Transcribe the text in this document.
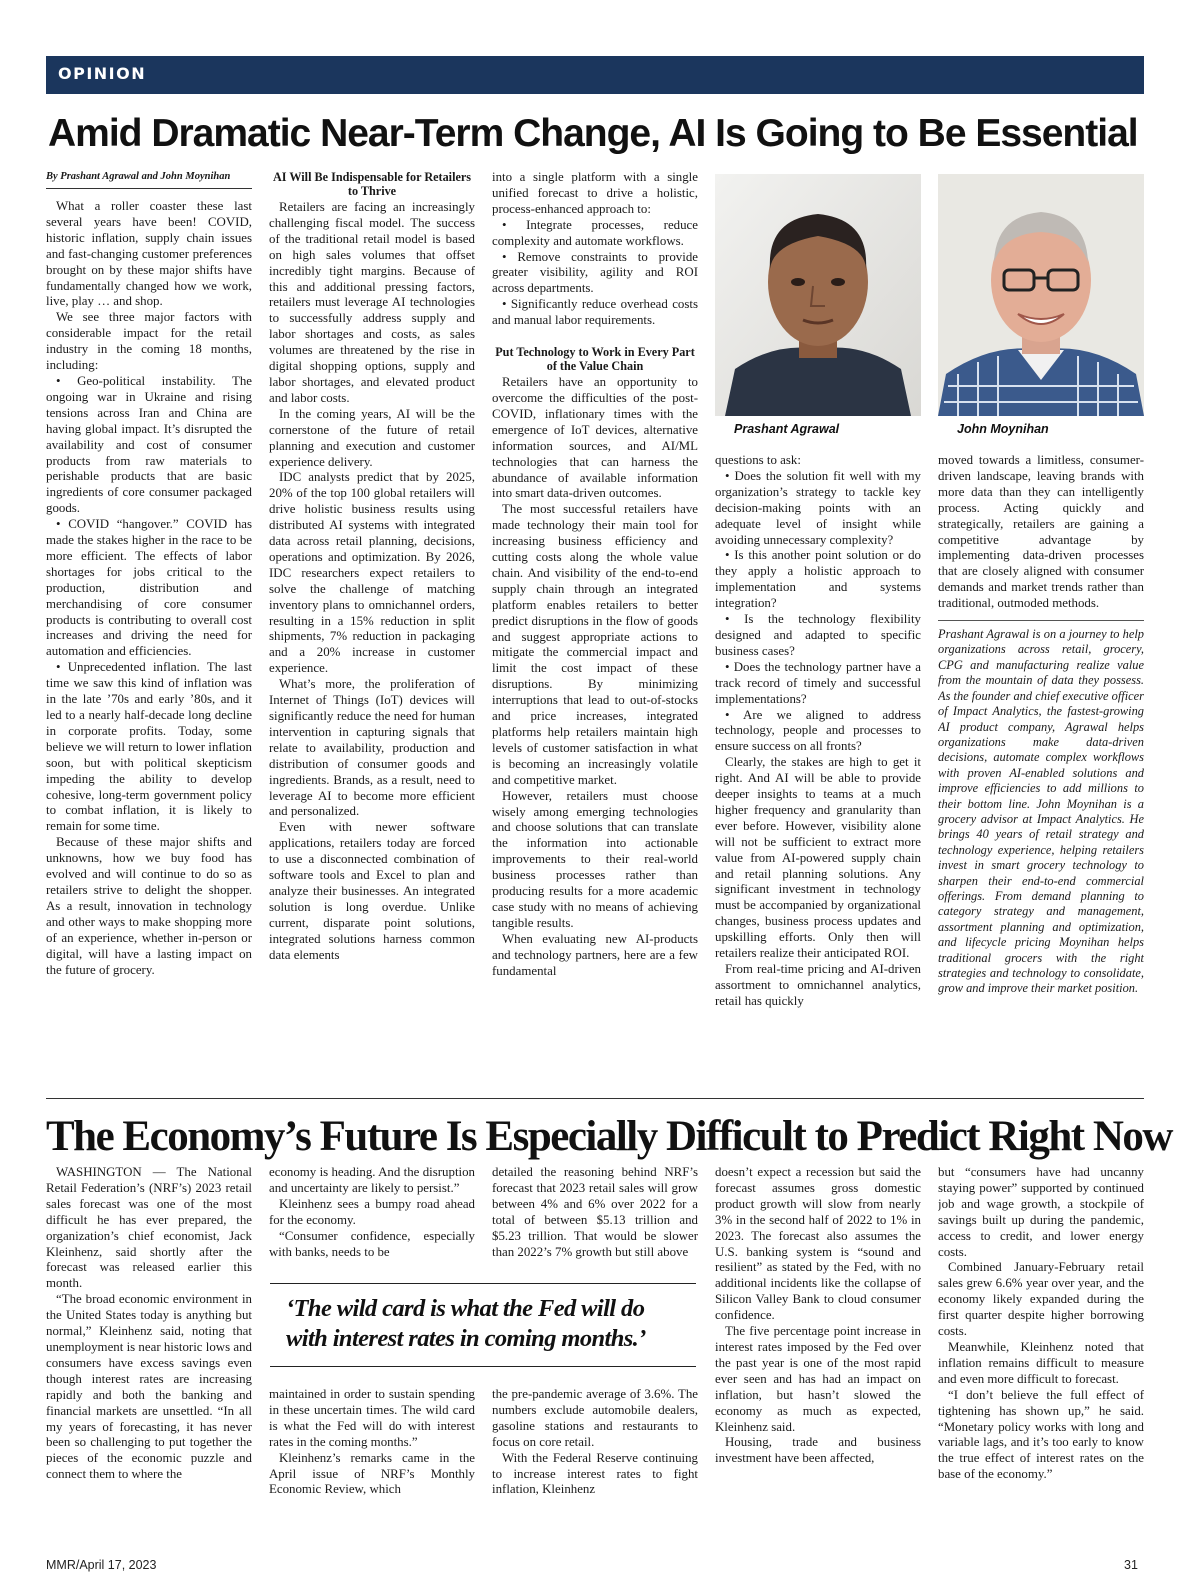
OPINION
Amid Dramatic Near-Term Change, AI Is Going to Be Essential

By Prashant Agrawal and John Moynihan

What a roller coaster these last several years have been! COVID, historic inflation, supply chain issues and fast-changing customer preferences brought on by these major shifts have fundamentally changed how we work, live, play … and shop.

We see three major factors with considerable impact for the retail industry in the coming 18 months, including:

• Geo-political instability. The ongoing war in Ukraine and rising tensions across Iran and China are having global impact. It’s disrupted the availability and cost of consumer products from raw materials to perishable products that are basic ingredients of core consumer packaged goods.

• COVID “hangover.” COVID has made the stakes higher in the race to be more efficient. The effects of labor shortages for jobs critical to the production, distribution and merchandising of core consumer products is contributing to overall cost increases and driving the need for automation and efficiencies.

• Unprecedented inflation. The last time we saw this kind of inflation was in the late ’70s and early ’80s, and it led to a nearly half-decade long decline in corporate profits. Today, some believe we will return to lower inflation soon, but with political skepticism impeding the ability to develop cohesive, long-term government policy to combat inflation, it is likely to remain for some time.

Because of these major shifts and unknowns, how we buy food has evolved and will continue to do so as retailers strive to delight the shopper. As a result, innovation in technology and other ways to make shopping more of an experience, whether in-person or digital, will have a lasting impact on the future of grocery.

AI Will Be Indispensable for Retailers to Thrive

Retailers are facing an increasingly challenging fiscal model. The success of the traditional retail model is based on high sales volumes that offset incredibly tight margins. Because of this and additional pressing factors, retailers must leverage AI technologies to successfully address supply and labor shortages and costs, as sales volumes are threatened by the rise in digital shopping options, supply and labor shortages, and elevated product and labor costs.

In the coming years, AI will be the cornerstone of the future of retail planning and execution and customer experience delivery.

IDC analysts predict that by 2025, 20% of the top 100 global retailers will drive holistic business results using distributed AI systems with integrated data across retail planning, decisions, operations and optimization. By 2026, IDC researchers expect retailers to solve the challenge of matching inventory plans to omnichannel orders, resulting in a 15% reduction in split shipments, 7% reduction in packaging and a 20% increase in customer experience.

What’s more, the proliferation of Internet of Things (IoT) devices will significantly reduce the need for human intervention in capturing signals that relate to availability, production and distribution of consumer goods and ingredients. Brands, as a result, need to leverage AI to become more efficient and personalized.

Even with newer software applications, retailers today are forced to use a disconnected combination of software tools and Excel to plan and analyze their businesses. An integrated solution is long overdue. Unlike current, disparate point solutions, integrated solutions harness common data elements

into a single platform with a single unified forecast to drive a holistic, process-enhanced approach to:

• Integrate processes, reduce complexity and automate workflows.

• Remove constraints to provide greater visibility, agility and ROI across departments.

• Significantly reduce overhead costs and manual labor requirements.

Put Technology to Work in Every Part of the Value Chain

Retailers have an opportunity to overcome the difficulties of the post-COVID, inflationary times with the emergence of IoT devices, alternative information sources, and AI/ML technologies that can harness the abundance of available information into smart data-driven outcomes.

The most successful retailers have made technology their main tool for increasing business efficiency and cutting costs along the whole value chain. And visibility of the end-to-end supply chain through an integrated platform enables retailers to better predict disruptions in the flow of goods and suggest appropriate actions to mitigate the commercial impact and limit the cost impact of these disruptions. By minimizing interruptions that lead to out-of-stocks and price increases, integrated platforms help retailers maintain high levels of customer satisfaction in what is becoming an increasingly volatile and competitive market.

However, retailers must choose wisely among emerging technologies and choose solutions that can translate the information into actionable improvements to their real-world business processes rather than producing results for a more academic case study with no means of achieving tangible results.

When evaluating new AI-products and technology partners, here are a few fundamental

Prashant Agrawal	John Moynihan

questions to ask:

• Does the solution fit well with my organization’s strategy to tackle key decision-making points with an adequate level of insight while avoiding unnecessary complexity?

• Is this another point solution or do they apply a holistic approach to implementation and systems integration?

• Is the technology flexibility designed and adapted to specific business cases?

• Does the technology partner have a track record of timely and successful implementations?

• Are we aligned to address technology, people and processes to ensure success on all fronts?

Clearly, the stakes are high to get it right. And AI will be able to provide deeper insights to teams at a much higher frequency and granularity than ever before. However, visibility alone will not be sufficient to extract more value from AI-powered supply chain and retail planning solutions. Any significant investment in technology must be accompanied by organizational changes, business process updates and upskilling efforts. Only then will retailers realize their anticipated ROI.

From real-time pricing and AI-driven assortment to omnichannel analytics, retail has quickly

moved towards a limitless, consumer-driven landscape, leaving brands with more data than they can intelligently process. Acting quickly and strategically, retailers are gaining a competitive advantage by implementing data-driven processes that are closely aligned with consumer demands and market trends rather than traditional, outmoded methods.

Prashant Agrawal is on a journey to help organizations across retail, grocery, CPG and manufacturing realize value from the mountain of data they possess. As the founder and chief executive officer of Impact Analytics, the fastest-growing AI product company, Agrawal helps organizations make data-driven decisions, automate complex workflows with proven AI-enabled solutions and improve efficiencies to add millions to their bottom line. John Moynihan is a grocery advisor at Impact Analytics. He brings 40 years of retail strategy and technology experience, helping retailers invest in smart grocery technology to sharpen their end-to-end commercial offerings. From demand planning to category strategy and management, assortment planning and optimization, and lifecycle pricing Moynihan helps traditional grocers with the right strategies and technology to consolidate, grow and improve their market position.

The Economy’s Future Is Especially Difficult to Predict Right Now

WASHINGTON — The National Retail Federation’s (NRF’s) 2023 retail sales forecast was one of the most difficult he has ever prepared, the organization’s chief economist, Jack Kleinhenz, said shortly after the forecast was released earlier this month.

“The broad economic environment in the United States today is anything but normal,” Kleinhenz said, noting that unemployment is near historic lows and consumers have excess savings even though interest rates are increasing rapidly and both the banking and financial markets are unsettled. “In all my years of forecasting, it has never been so challenging to put together the pieces of the economic puzzle and connect them to where the

economy is heading. And the disruption and uncertainty are likely to persist.”

Kleinhenz sees a bumpy road ahead for the economy.

“Consumer confidence, especially with banks, needs to be

detailed the reasoning behind NRF’s forecast that 2023 retail sales will grow between 4% and 6% over 2022 for a total of between $5.13 trillion and $5.23 trillion. That would be slower than 2022’s 7% growth but still above

‘The wild card is what the Fed will do with interest rates in coming months.’

maintained in order to sustain spending in these uncertain times. The wild card is what the Fed will do with interest rates in the coming months.”

Kleinhenz’s remarks came in the April issue of NRF’s Monthly Economic Review, which

the pre-pandemic average of 3.6%. The numbers exclude automobile dealers, gasoline stations and restaurants to focus on core retail.

With the Federal Reserve continuing to increase interest rates to fight inflation, Kleinhenz

doesn’t expect a recession but said the forecast assumes gross domestic product growth will slow from nearly 3% in the second half of 2022 to 1% in 2023. The forecast also assumes the U.S. banking system is “sound and resilient” as stated by the Fed, with no additional incidents like the collapse of Silicon Valley Bank to cloud consumer confidence.

The five percentage point increase in interest rates imposed by the Fed over the past year is one of the most rapid ever seen and has had an impact on inflation, but hasn’t slowed the economy as much as expected, Kleinhenz said.

Housing, trade and business investment have been affected,

but “consumers have had uncanny staying power” supported by continued job and wage growth, a stockpile of savings built up during the pandemic, access to credit, and lower energy costs.

Combined January-February retail sales grew 6.6% year over year, and the economy likely expanded during the first quarter despite higher borrowing costs.

Meanwhile, Kleinhenz noted that inflation remains difficult to measure and even more difficult to forecast.

“I don’t believe the full effect of tightening has shown up,” he said. “Monetary policy works with long and variable lags, and it’s too early to know the true effect of interest rates on the base of the economy.”

MMR/April 17, 2023	31
